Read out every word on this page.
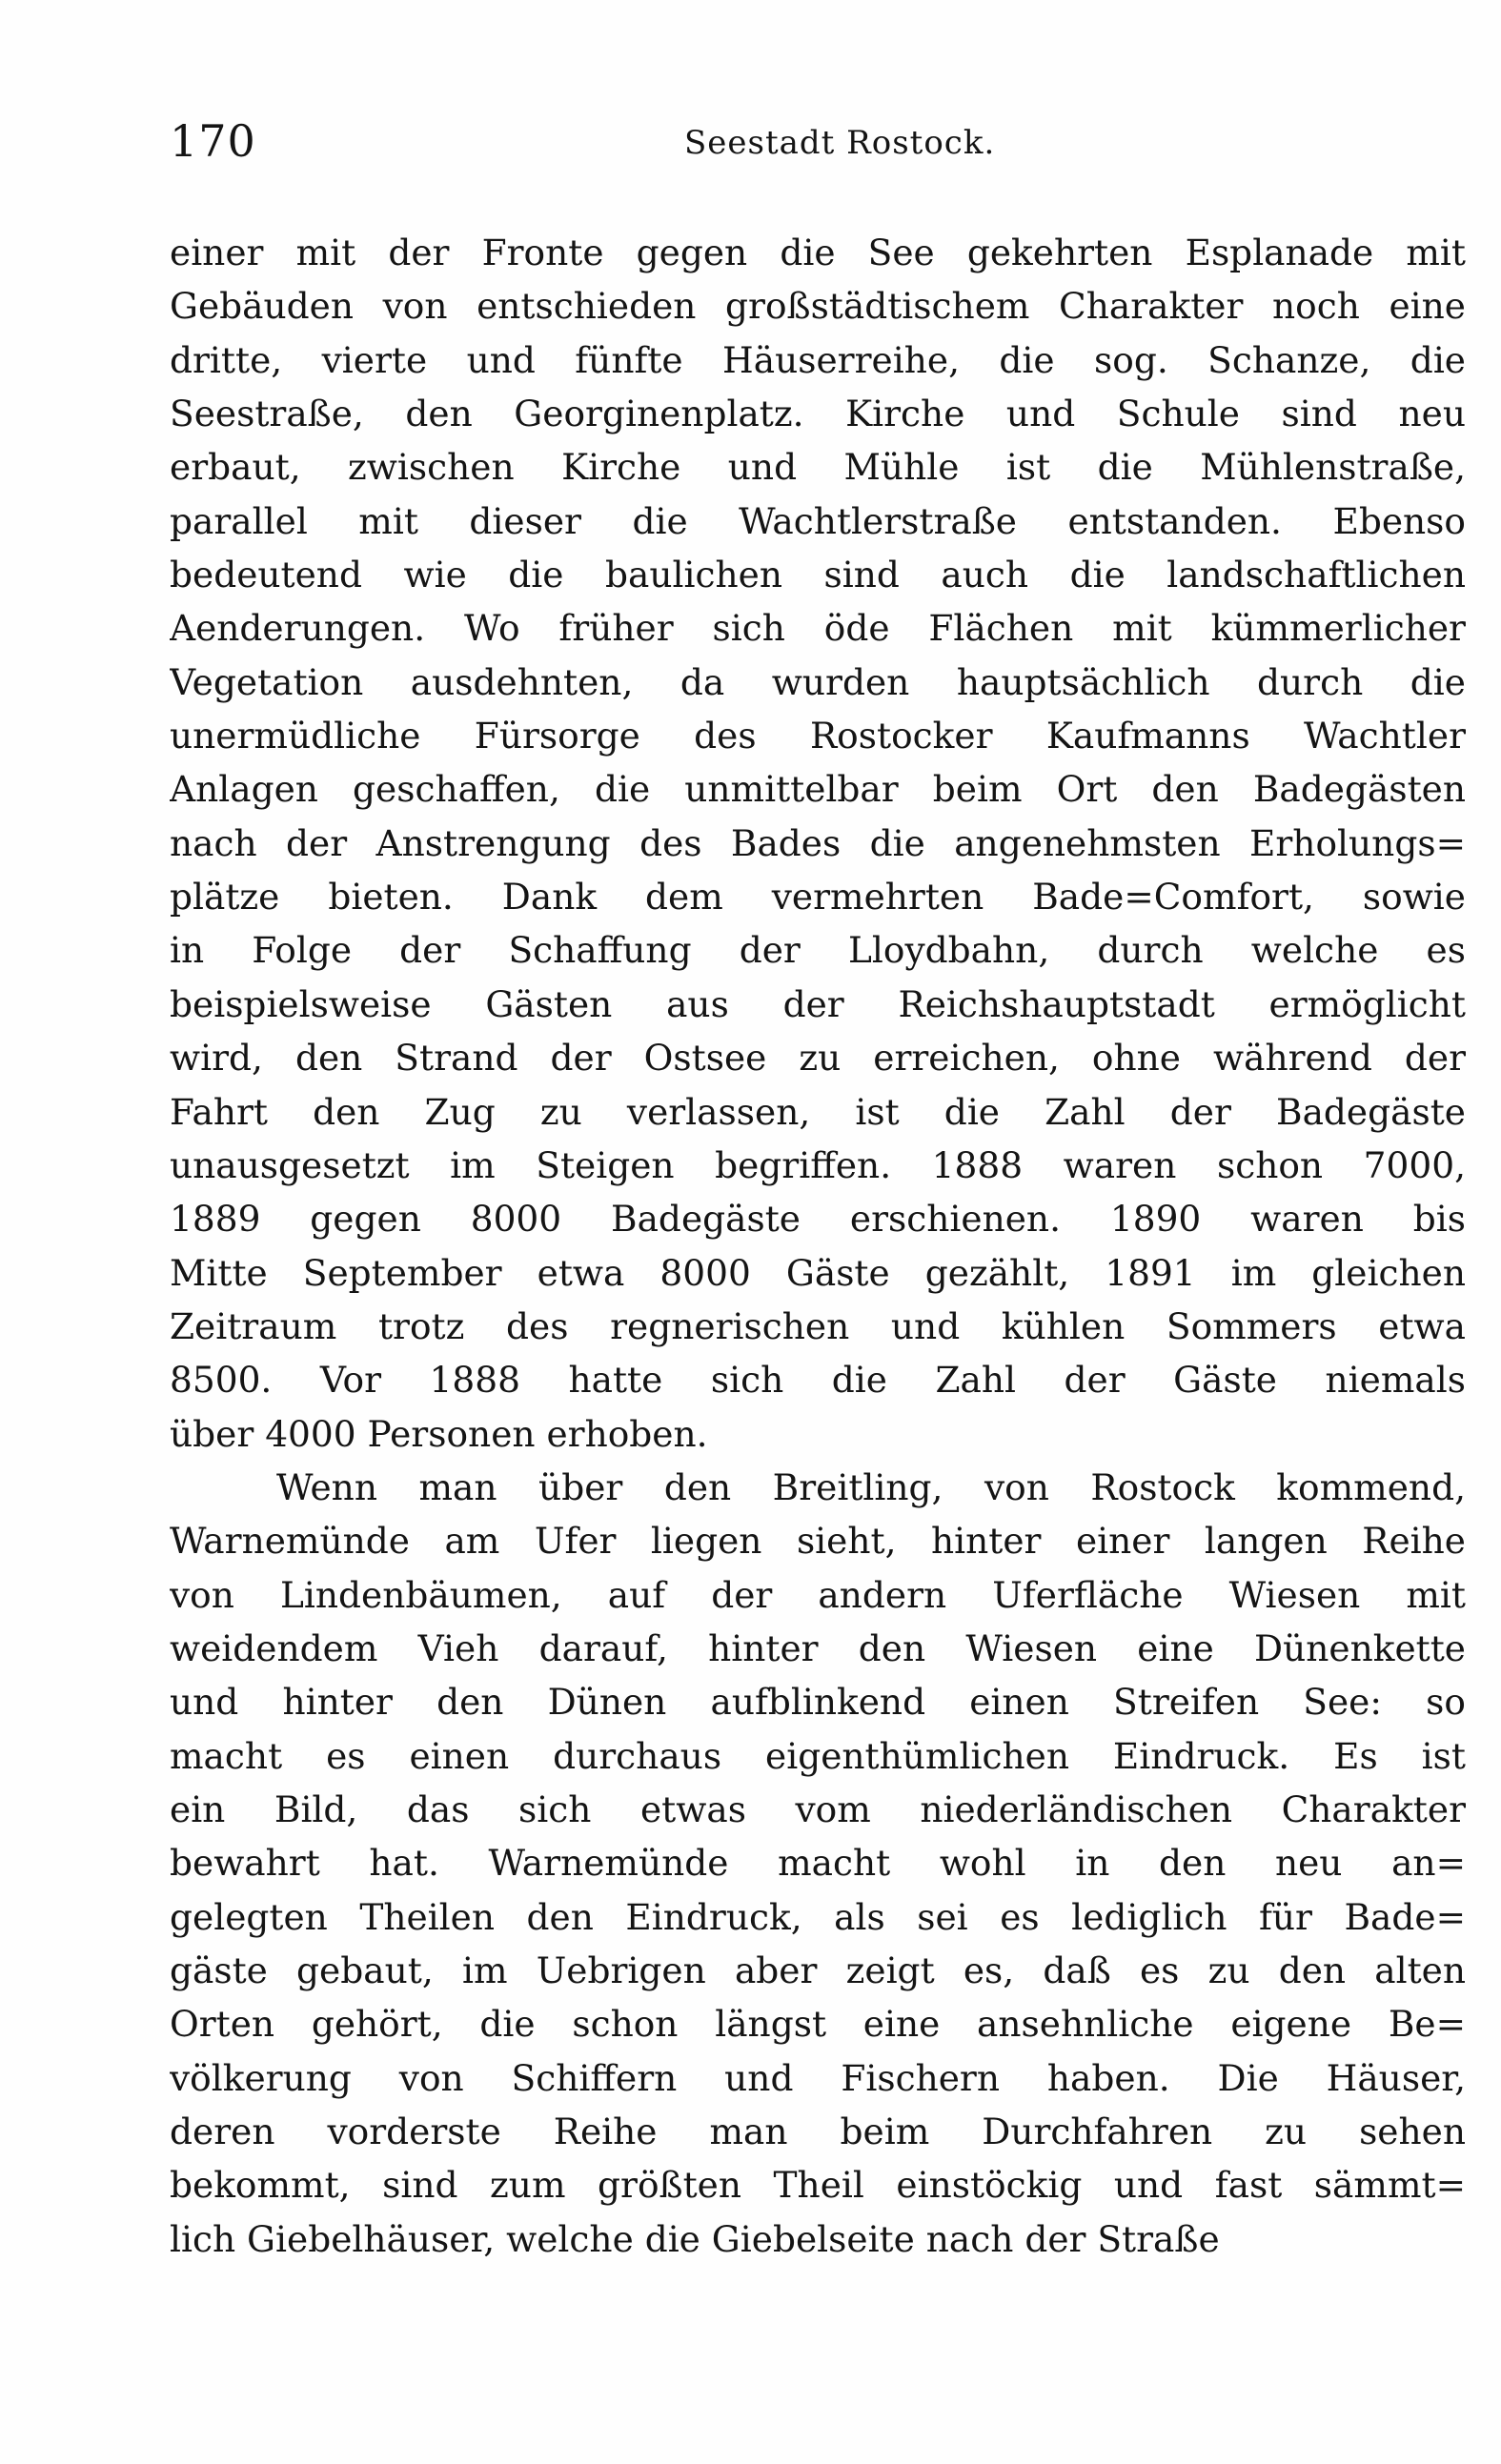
170	Seestadt Rostock.
einer mit der Fronte gegen die See gekehrten Esplanade mit
Gebäuden von entschieden großstädtischem Charakter noch eine
dritte, vierte und fünfte Häuserreihe, die sog. Schanze, die
Seestraße, den Georginenplatz. Kirche und Schule sind neu
erbaut, zwischen Kirche und Mühle ist die Mühlenstraße,
parallel mit dieser die Wachtlerstraße entstanden. Ebenso
bedeutend wie die baulichen sind auch die landschaftlichen
Aenderungen. Wo früher sich öde Flächen mit kümmerlicher
Vegetation ausdehnten, da wurden hauptsächlich durch die
unermüdliche Fürsorge des Rostocker Kaufmanns Wachtler
Anlagen geschaffen, die unmittelbar beim Ort den Badegästen
nach der Anstrengung des Bades die angenehmsten Erholungs=
plätze bieten. Dank dem vermehrten Bade=Comfort, sowie
in Folge der Schaffung der Lloydbahn, durch welche es
beispielsweise Gästen aus der Reichshauptstadt ermöglicht
wird, den Strand der Ostsee zu erreichen, ohne während der
Fahrt den Zug zu verlassen, ist die Zahl der Badegäste
unausgesetzt im Steigen begriffen. 1888 waren schon 7000,
1889 gegen 8000 Badegäste erschienen. 1890 waren bis
Mitte September etwa 8000 Gäste gezählt, 1891 im gleichen
Zeitraum trotz des regnerischen und kühlen Sommers etwa
8500. Vor 1888 hatte sich die Zahl der Gäste niemals
über 4000 Personen erhoben.
Wenn man über den Breitling, von Rostock kommend,
Warnemünde am Ufer liegen sieht, hinter einer langen Reihe
von Lindenbäumen, auf der andern Uferfläche Wiesen mit
weidendem Vieh darauf, hinter den Wiesen eine Dünenkette
und hinter den Dünen aufblinkend einen Streifen See: so
macht es einen durchaus eigenthümlichen Eindruck. Es ist
ein Bild, das sich etwas vom niederländischen Charakter
bewahrt hat. Warnemünde macht wohl in den neu an=
gelegten Theilen den Eindruck, als sei es lediglich für Bade=
gäste gebaut, im Uebrigen aber zeigt es, daß es zu den alten
Orten gehört, die schon längst eine ansehnliche eigene Be=
völkerung von Schiffern und Fischern haben. Die Häuser,
deren vorderste Reihe man beim Durchfahren zu sehen
bekommt, sind zum größten Theil einstöckig und fast sämmt=
lich Giebelhäuser, welche die Giebelseite nach der Straße
